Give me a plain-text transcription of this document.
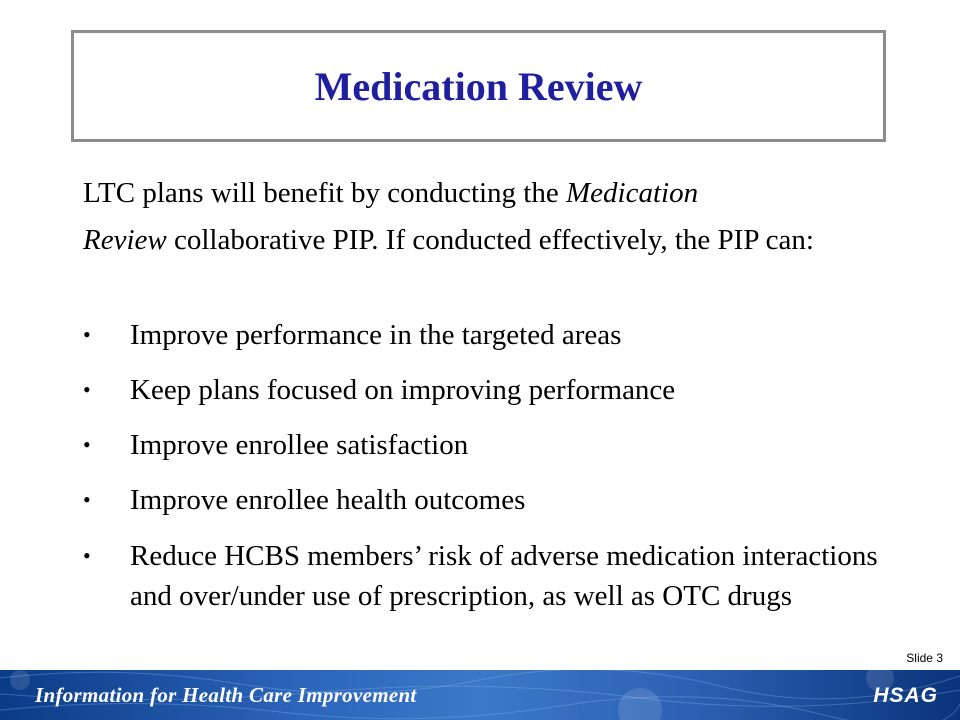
Medication Review
LTC plans will benefit by conducting the Medication
Review collaborative PIP. If conducted effectively, the PIP can:
• Improve performance in the targeted areas
• Keep plans focused on improving performance
• Improve enrollee satisfaction
• Improve enrollee health outcomes
• Reduce HCBS members’ risk of adverse medication interactions and over/under use of prescription, as well as OTC drugs
Slide 3
Information for Health Care Improvement	HSAG
